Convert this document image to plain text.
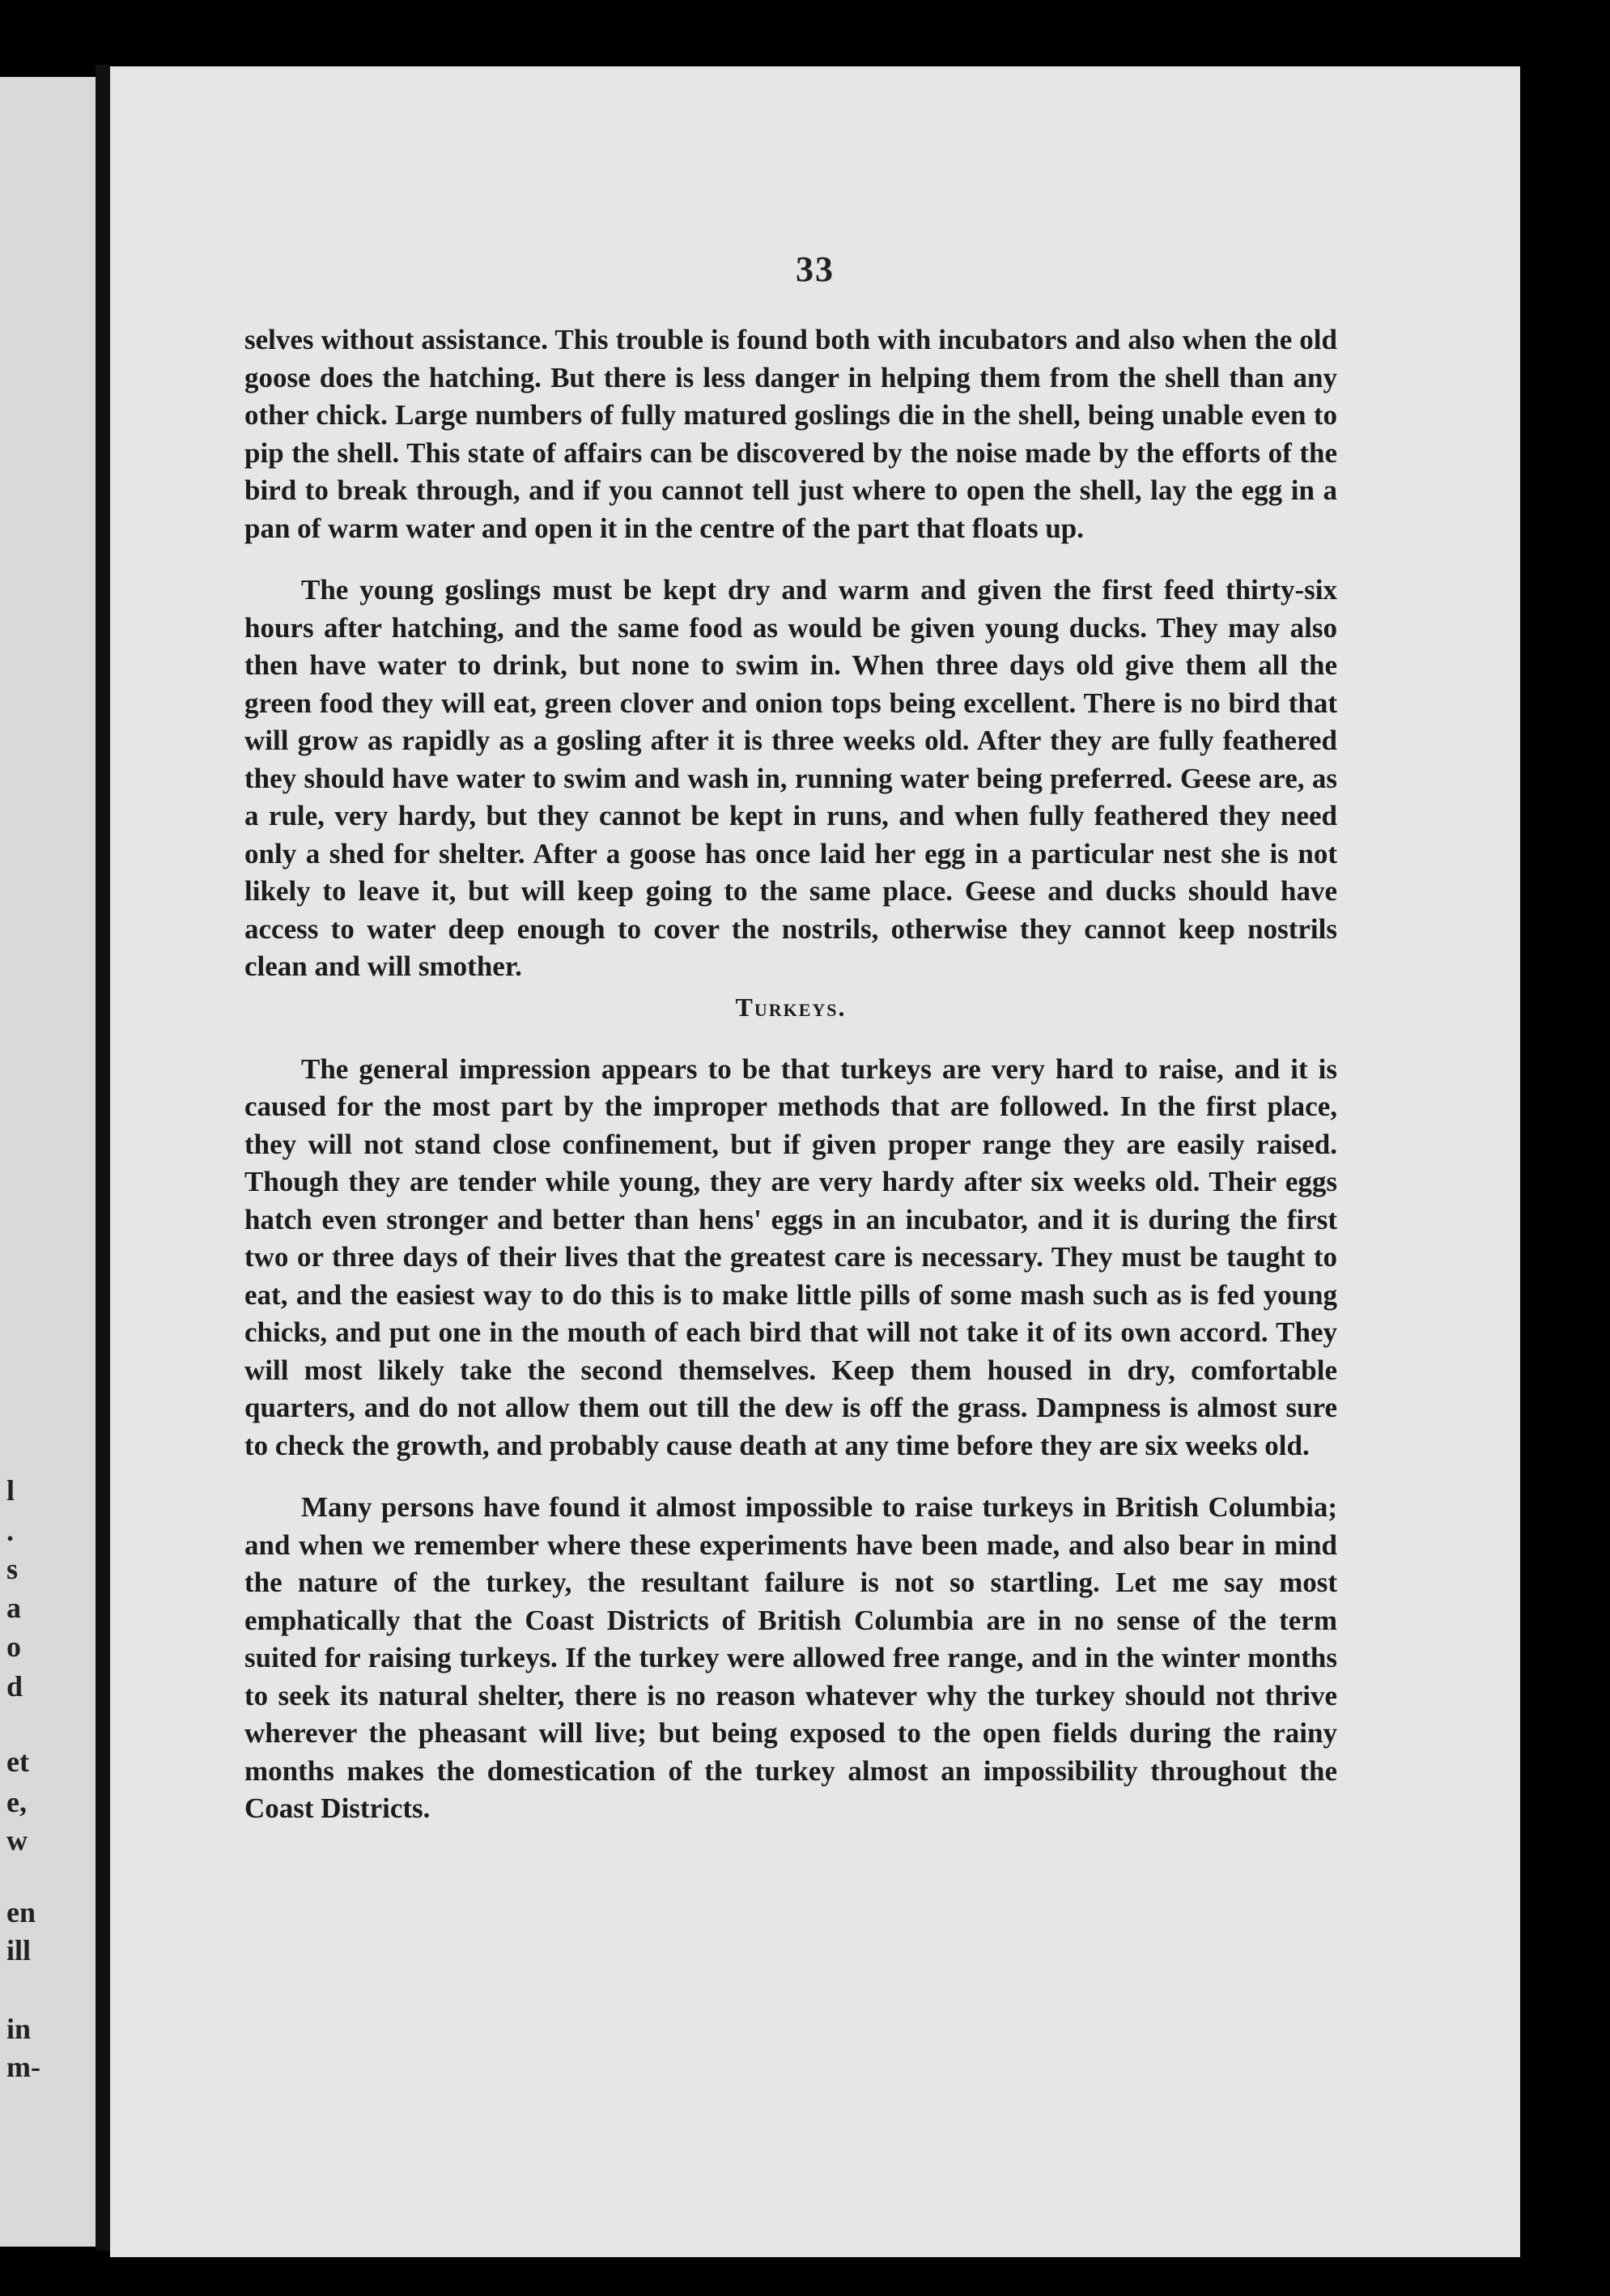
l
.
s
a
o
d
et
e,
w
en
ill
in
m-
33

selves without assistance. This trouble is found both with incubators and also when the old goose does the hatching. But there is less danger in helping them from the shell than any other chick. Large numbers of fully matured goslings die in the shell, being unable even to pip the shell. This state of affairs can be discovered by the noise made by the efforts of the bird to break through, and if you cannot tell just where to open the shell, lay the egg in a pan of warm water and open it in the centre of the part that floats up.

The young goslings must be kept dry and warm and given the first feed thirty-six hours after hatching, and the same food as would be given young ducks. They may also then have water to drink, but none to swim in. When three days old give them all the green food they will eat, green clover and onion tops being excellent. There is no bird that will grow as rapidly as a gosling after it is three weeks old. After they are fully feathered they should have water to swim and wash in, running water being preferred. Geese are, as a rule, very hardy, but they cannot be kept in runs, and when fully feathered they need only a shed for shelter. After a goose has once laid her egg in a particular nest she is not likely to leave it, but will keep going to the same place. Geese and ducks should have access to water deep enough to cover the nostrils, otherwise they cannot keep nostrils clean and will smother.

Turkeys.

The general impression appears to be that turkeys are very hard to raise, and it is caused for the most part by the improper methods that are followed. In the first place, they will not stand close confinement, but if given proper range they are easily raised. Though they are tender while young, they are very hardy after six weeks old. Their eggs hatch even stronger and better than hens' eggs in an incubator, and it is during the first two or three days of their lives that the greatest care is necessary. They must be taught to eat, and the easiest way to do this is to make little pills of some mash such as is fed young chicks, and put one in the mouth of each bird that will not take it of its own accord. They will most likely take the second themselves. Keep them housed in dry, comfortable quarters, and do not allow them out till the dew is off the grass. Dampness is almost sure to check the growth, and probably cause death at any time before they are six weeks old.

Many persons have found it almost impossible to raise turkeys in British Columbia; and when we remember where these experiments have been made, and also bear in mind the nature of the turkey, the resultant failure is not so startling. Let me say most emphatically that the Coast Districts of British Columbia are in no sense of the term suited for raising turkeys. If the turkey were allowed free range, and in the winter months to seek its natural shelter, there is no reason whatever why the turkey should not thrive wherever the pheasant will live; but being exposed to the open fields during the rainy months makes the domestication of the turkey almost an impossibility throughout the Coast Districts.
